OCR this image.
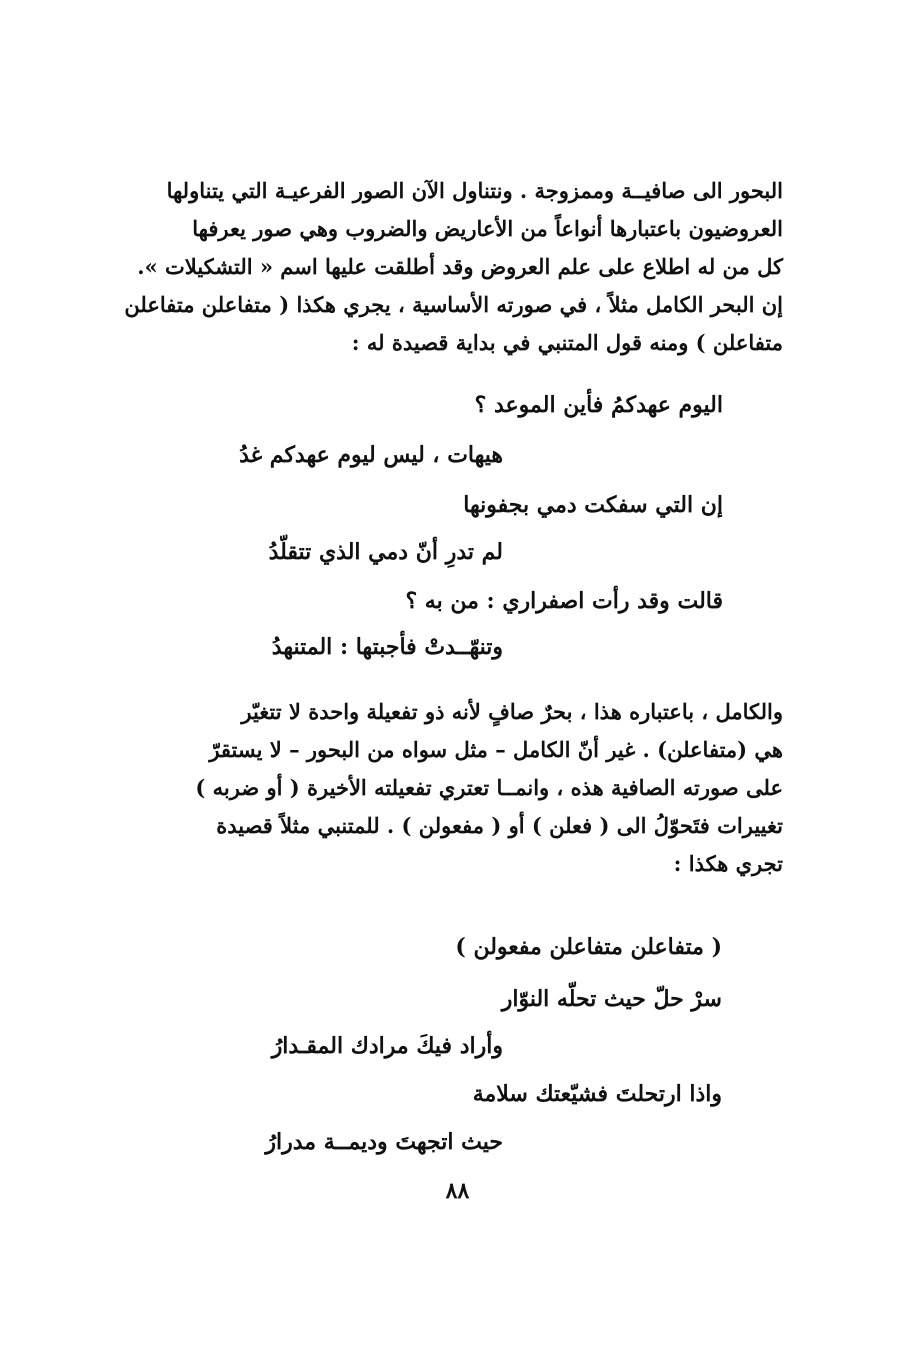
البحور الى صافيــة وممزوجة . ونتناول الآن الصور الفرعيـة التي يتناولها
العروضيون باعتبارها أنواعاً من الأعاريض والضروب وهي صور يعرفها
كل من له اطلاع على علم العروض وقد أطلقت عليها اسم « التشكيلات ».
إن البحر الكامل مثلاً ، في صورته الأساسية ، يجري هكذا ( متفاعلن متفاعلن
متفاعلن ) ومنه قول المتنبي في بداية قصيدة له :
اليوم عهدكمُ فأين الموعد ؟
هيهات ، ليس ليوم عهدكم غدُ
إن التي سفكت دمي بجفونها
لم تدرِ أنّ دمي الذي تتقلّدُ
قالت وقد رأت اصفراري : من به ؟
وتنهّــدتْ فأجبتها : المتنهدُ
والكامل ، باعتباره هذا ، بحرٌ صافٍ لأنه ذو تفعيلة واحدة لا تتغيّر
هي (متفاعلن) . غير أنّ الكامل – مثل سواه من البحور – لا يستقرّ
على صورته الصافية هذه ، وانمــا تعتري تفعيلته الأخيرة ( أو ضربه )
تغييرات فتَحوّلُ الى ( فعلن ) أو ( مفعولن ) . للمتنبي مثلاً قصيدة
تجري هكذا :
( متفاعلن متفاعلن مفعولن )
سرْ حلّ حيث تحلّه النوّار
وأراد فيكَ مرادك المقـدارُ
واذا ارتحلتَ فشيّعتك سلامة
حيث اتجهتَ وديمــة مدرارُ
٨٨
